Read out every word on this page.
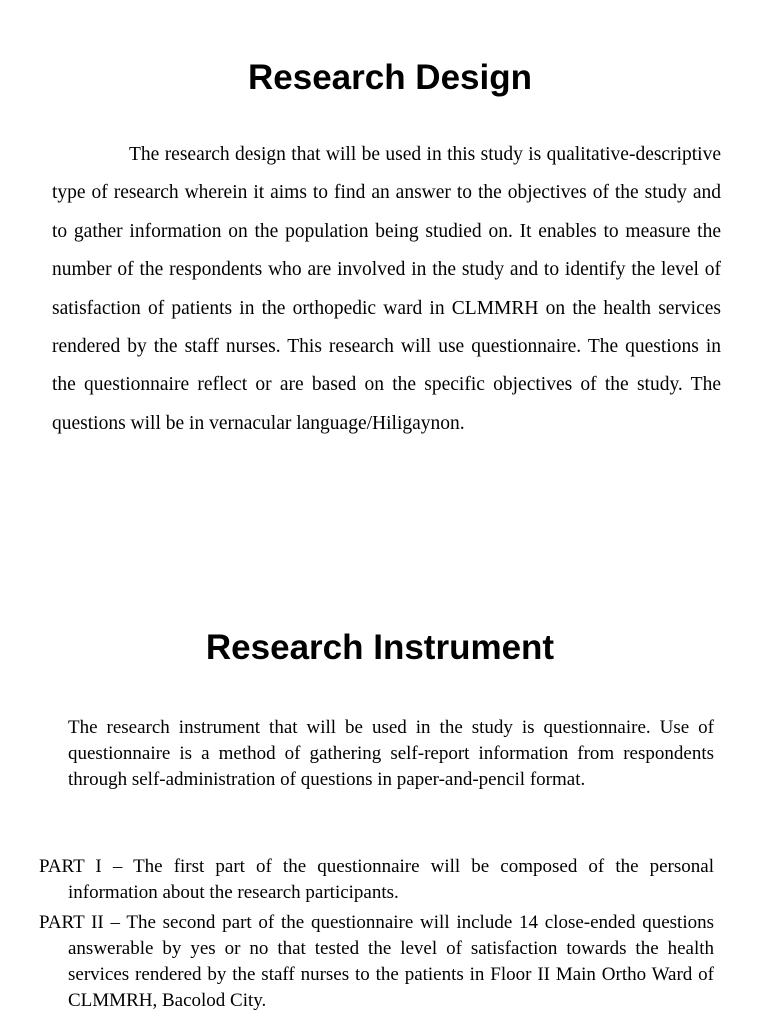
Research Design

The research design that will be used in this study is qualitative-descriptive type of research wherein it aims to find an answer to the objectives of the study and to gather information on the population being studied on. It enables to measure the number of the respondents who are involved in the study and to identify the level of satisfaction of patients in the orthopedic ward in CLMMRH on the health services rendered by the staff nurses. This research will use questionnaire. The questions in the questionnaire reflect or are based on the specific objectives of the study. The questions will be in vernacular language/Hiligaynon.

Research Instrument

The research instrument that will be used in the study is questionnaire. Use of questionnaire is a method of gathering self-report information from respondents through self-administration of questions in paper-and-pencil format.

PART I – The first part of the questionnaire will be composed of the personal information about the research participants.

PART II – The second part of the questionnaire will include 14 close-ended questions answerable by yes or no that tested the level of satisfaction towards the health services rendered by the staff nurses to the patients in Floor II Main Ortho Ward of CLMMRH, Bacolod City.
